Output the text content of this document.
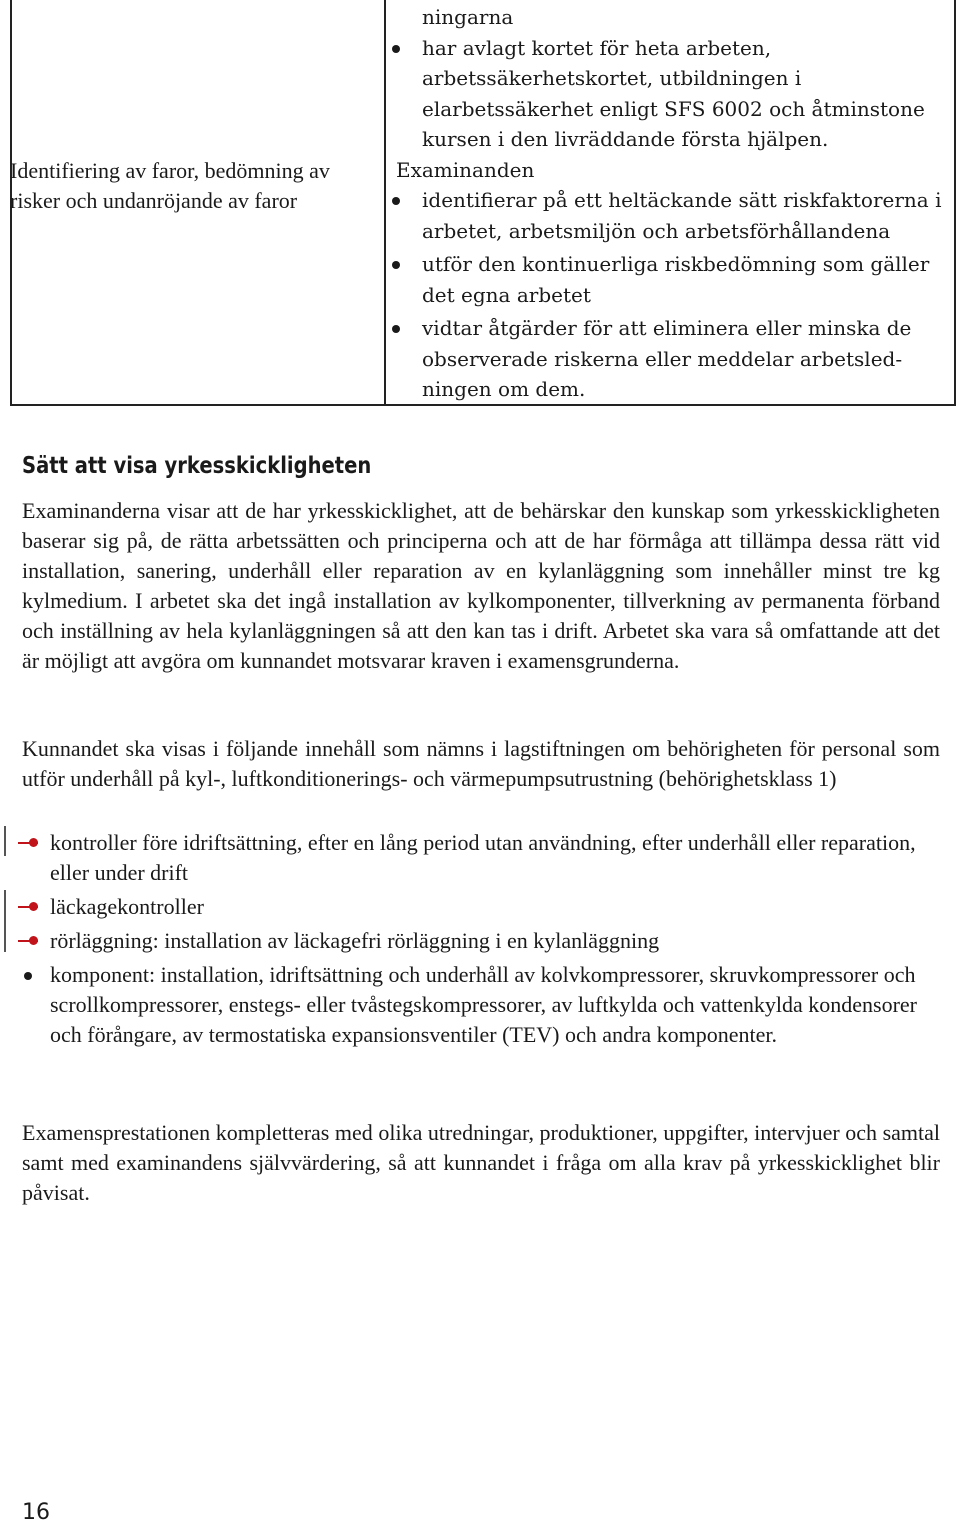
Identifiering av faror, bedömning av risker och undanröjande av faror

ningarna

har avlagt kortet för heta arbeten, arbetssäkerhetskortet, utbildningen i elarbetssäkerhet enligt SFS 6002 och åtminstone kursen i den livräddande första hjälpen.

Examinanden

identifierar på ett heltäckande sätt riskfaktorerna i arbetet, arbetsmiljön och arbetsförhållandena
utför den kontinuerliga riskbedömning som gäller det egna arbetet
vidtar åtgärder för att eliminera eller minska de observerade riskerna eller meddelar arbetsledningen om dem.
Sätt att visa yrkesskickligheten

Examinanderna visar att de har yrkesskicklighet, att de behärskar den kunskap som yrkesskickligheten baserar sig på, de rätta arbetssätten och principerna och att de har förmåga att tillämpa dessa rätt vid installation, sanering, underhåll eller reparation av en kylanläggning som innehåller minst tre kg kylmedium. I arbetet ska det ingå installation av kylkomponenter, tillverkning av permanenta förband och inställning av hela kylanläggningen så att den kan tas i drift. Arbetet ska vara så omfattande att det är möjligt att avgöra om kunnandet motsvarar kraven i examensgrunderna.

Kunnandet ska visas i följande innehåll som nämns i lagstiftningen om behörigheten för personal som utför underhåll på kyl-, luftkonditionerings- och värmepumpsutrustning (behörighetsklass 1)

kontroller före idriftsättning, efter en lång period utan användning, efter underhåll eller reparation, eller under drift
läckagekontroller
rörläggning: installation av läckagefri rörläggning i en kylanläggning
komponent: installation, idriftsättning och underhåll av kolvkompressorer, skruvkompressorer och scrollkompressorer, enstegs- eller tvåstegskompressorer, av luftkylda och vattenkylda kondensorer och förångare, av termostatiska expansionsventiler (TEV) och andra komponenter.

Examensprestationen kompletteras med olika utredningar, produktioner, uppgifter, intervjuer och samtal samt med examinandens självvärdering, så att kunnandet i fråga om alla krav på yrkesskicklighet blir påvisat.

16
